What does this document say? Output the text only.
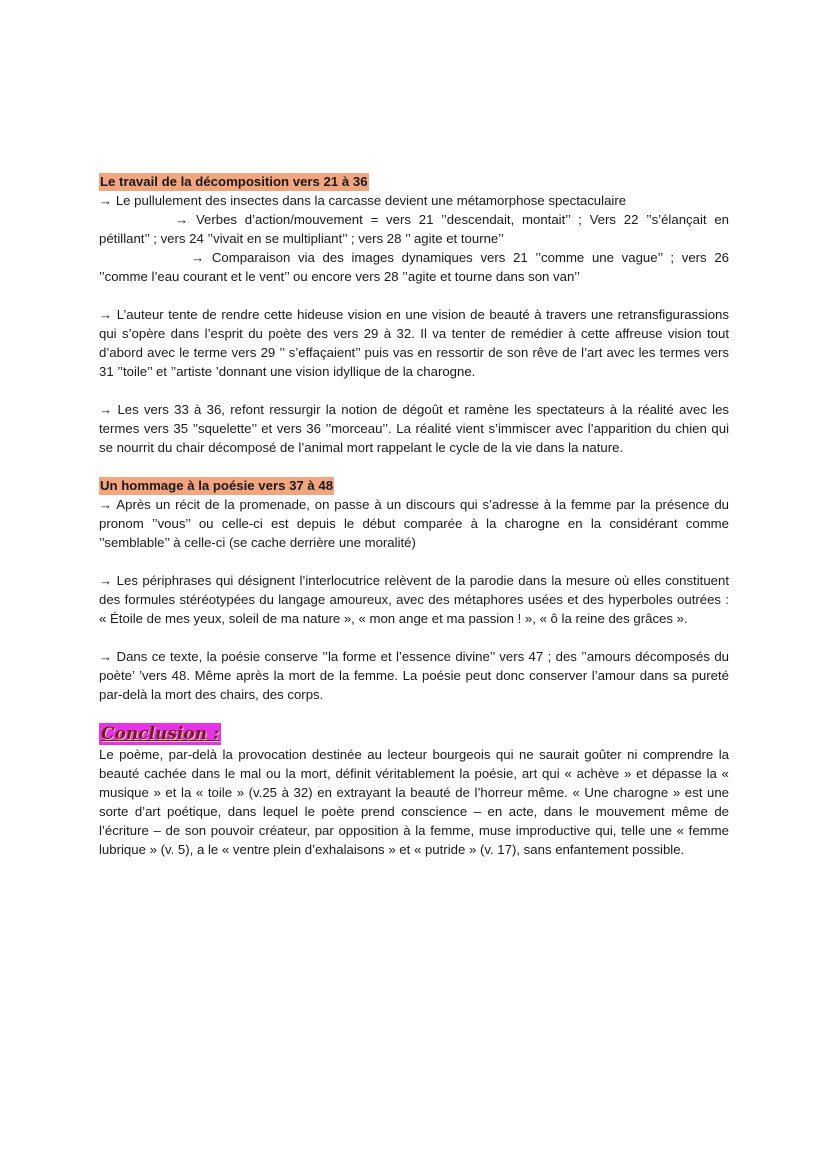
Le travail de la décomposition vers 21 à 36

→ Le pullulement des insectes dans la carcasse devient une métamorphose spectaculaire

→ Verbes d’action/mouvement = vers 21 ’’descendait, montait’’ ; Vers 22 ’’s’élançait en pétillant’’ ; vers 24 ’’vivait en se multipliant’’ ; vers 28 ’’ agite et tourne’’

→ Comparaison via des images dynamiques vers 21 ’’comme une vague’’ ; vers 26 ’’comme l’eau courant et le vent’’ ou encore vers 28 ’’agite et tourne dans son van’’

→ L’auteur tente de rendre cette hideuse vision en une vision de beauté à travers une retransfigurassions qui s’opère dans l’esprit du poète des vers 29 à 32. Il va tenter de remédier à cette affreuse vision tout d’abord avec le terme vers 29 ’’ s’effaçaient’’ puis vas en ressortir de son rêve de l’art avec les termes vers 31 ’’toile’’ et ’’artiste ’donnant une vision idyllique de la charogne.

→ Les vers 33 à 36, refont ressurgir la notion de dégoût et ramène les spectateurs à la réalité avec les termes vers 35 ’’squelette’’ et vers 36 ’’morceau’’. La réalité vient s’immiscer avec l’apparition du chien qui se nourrit du chair décomposé de l’animal mort rappelant le cycle de la vie dans la nature.

Un hommage à la poésie vers 37 à 48

→ Après un récit de la promenade, on passe à un discours qui s’adresse à la femme par la présence du pronom ’’vous’’ ou celle-ci est depuis le début comparée à la charogne en la considérant comme ’’semblable’’ à celle-ci (se cache derrière une moralité)

→ Les périphrases qui désignent l’interlocutrice relèvent de la parodie dans la mesure où elles constituent des formules stéréotypées du langage amoureux, avec des métaphores usées et des hyperboles outrées : « Étoile de mes yeux, soleil de ma nature », « mon ange et ma passion ! », « ô la reine des grâces ».

→ Dans ce texte, la poésie conserve ’’la forme et l’essence divine’’ vers 47 ; des ’’amours décomposés du poète’ ’vers 48. Même après la mort de la femme. La poésie peut donc conserver l’amour dans sa pureté par-delà la mort des chairs, des corps.

Conclusion :

Le poème, par-delà la provocation destinée au lecteur bourgeois qui ne saurait goûter ni comprendre la beauté cachée dans le mal ou la mort, définit véritablement la poésie, art qui « achève » et dépasse la « musique » et la « toile » (v.25 à 32) en extrayant la beauté de l’horreur même. « Une charogne » est une sorte d’art poétique, dans lequel le poète prend conscience – en acte, dans le mouvement même de l’écriture – de son pouvoir créateur, par opposition à la femme, muse improductive qui, telle une « femme lubrique » (v. 5), a le « ventre plein d’exhalaisons » et « putride » (v. 17), sans enfantement possible.
